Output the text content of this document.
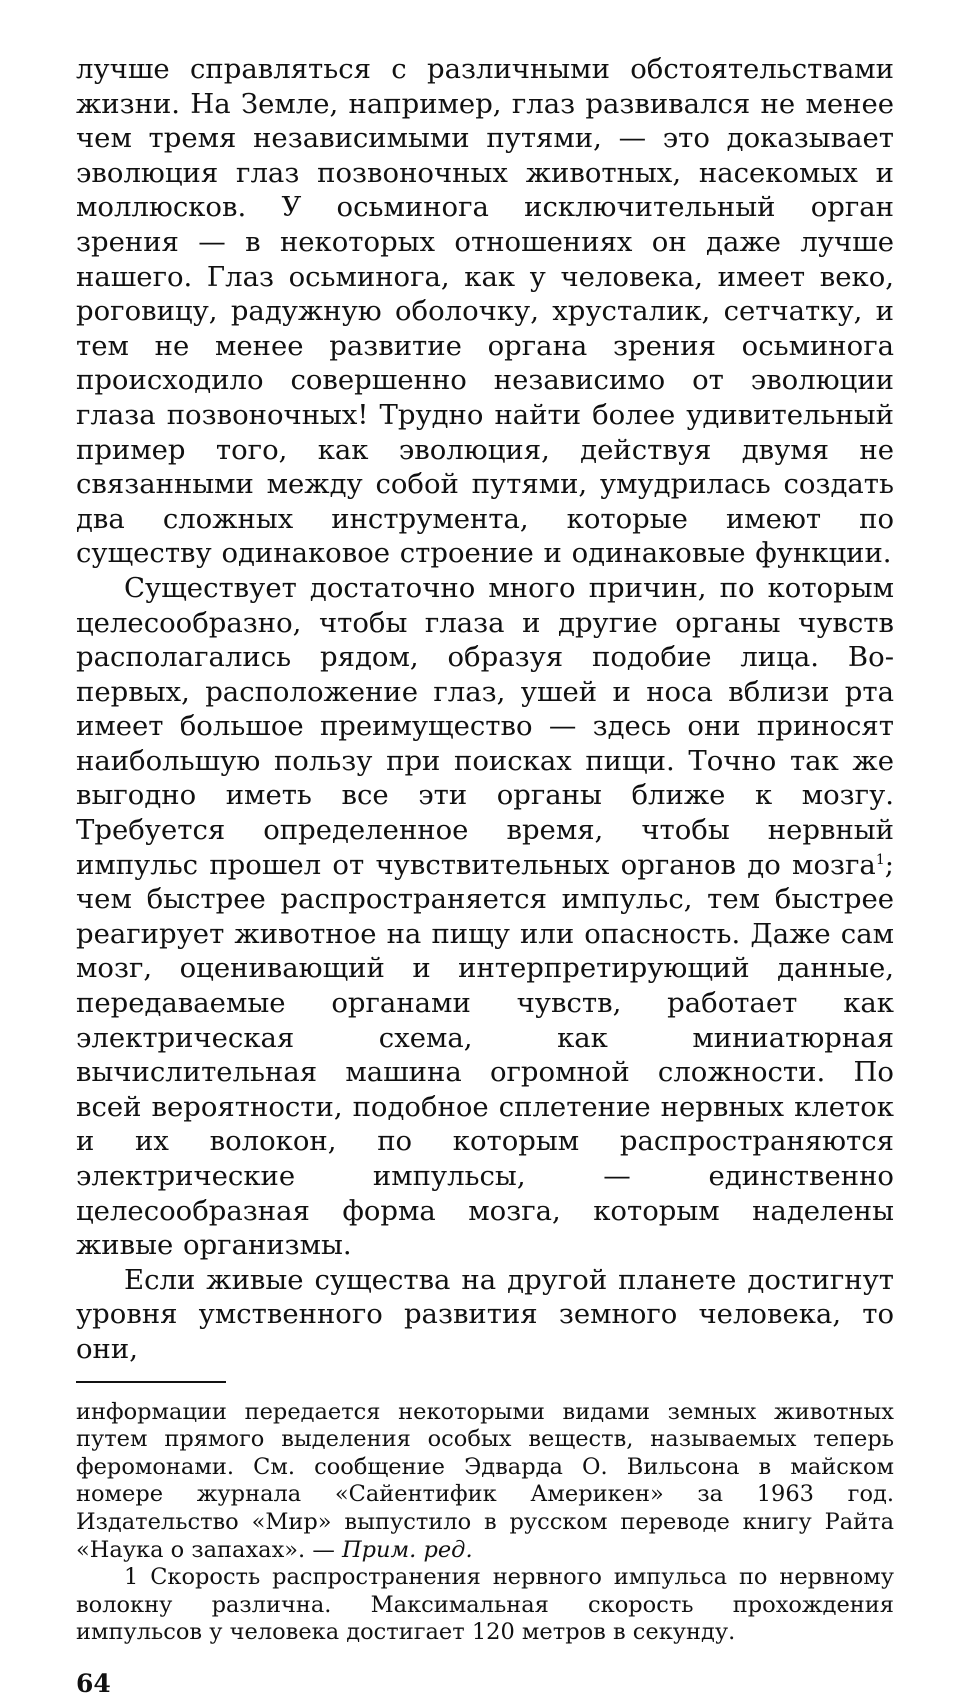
лучше справляться с различными обстоятельствами жизни. На Земле, например, глаз развивался не менее чем тремя независимыми путями, — это доказывает эволюция глаз позвоночных животных, насекомых и моллюсков. У осьминога исключительный орган зрения — в некоторых отношениях он даже лучше нашего. Глаз осьминога, как у человека, имеет веко, роговицу, радужную оболочку, хрусталик, сетчатку, и тем не менее развитие органа зрения осьминога происходило совершенно независимо от эволюции глаза позвоночных! Трудно найти более удивительный пример того, как эволюция, действуя двумя не связанными между собой путями, умудрилась создать два сложных инструмента, которые имеют по существу одинаковое строение и одинаковые функции.

Существует достаточно много причин, по которым целесообразно, чтобы глаза и другие органы чувств располагались рядом, образуя подобие лица. Во-первых, расположение глаз, ушей и носа вблизи рта имеет большое преимущество — здесь они приносят наибольшую пользу при поисках пищи. Точно так же выгодно иметь все эти органы ближе к мозгу. Требуется определенное время, чтобы нервный импульс прошел от чувствительных органов до мозга$^1$; чем быстрее распространяется импульс, тем быстрее реагирует животное на пищу или опасность. Даже сам мозг, оценивающий и интерпретирующий данные, передаваемые органами чувств, работает как электрическая схема, как миниатюрная вычислительная машина огромной сложности. По всей вероятности, подобное сплетение нервных клеток и их волокон, по которым распространяются электрические импульсы, — единственно целесообразная форма мозга, которым наделены живые организмы.

Если живые существа на другой планете достигнут уровня умственного развития земного человека, то они,

информации передается некоторыми видами земных животных путем прямого выделения особых веществ, называемых теперь феромонами. См. сообщение Эдварда О. Вильсона в майском номере журнала «Сайентифик Америкен» за 1963 год. Издательство «Мир» выпустило в русском переводе книгу Райта «Наука о запахах». — Прим. ред.

1 Скорость распространения нервного импульса по нервному волокну различна. Максимальная скорость прохождения импульсов у человека достигает 120 метров в секунду.

64
